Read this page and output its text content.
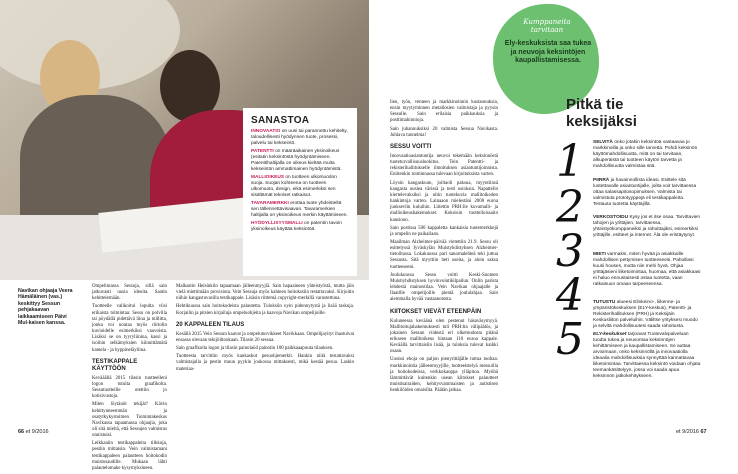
Navikan ohjaaja Veera Hämäläinen (vas.) keskittyy Sessun pehjakaavan laikkaamiseen Päivi Mul-kaisen kanssa.

Ompelimassa Sessuja, sillä sain jatkuvasti uusia ideoita. Saatin kehittelemään.

Tuotteelle valikoitui lopulta viisi erikaista tolmintaa: Sessu on polvilla tai pöydällä pidettävä liina ja millitta, jonka voi noutaa myös riirtolin kuvioidelle esimerkiksi vauvoista. Lisäksi se on tyyryliinina, kassi ja isoihin selkämyksien kiinnittämätä kamela - ja hyppineläyliina.

TESTIKAPPALE KÄYTTÖÖN

Kevääällä 2015 tilasin tuotteelleni logon tutulta graafikolta. Sessutuotteille otettiin jo kotisivustoja.

Miten löytänöt tekijät? Kävin kehittynneemmän ja osatytkykystoimen Toimintakeskus Navikassa tapaamassa ohjaajia, joka oli sitä mieltä, että Sessujen valmistus onnistuisi.

Leikkaaiin testikappaleita tilkkuja, pestiin mittaisin. Vein valmistamani testikappaleen palautteen hoitokodin muistosaudille. Mukaan lähti palautelomake kysymyksineen.

Malkastin Helsinkiin tapaamaan jälleenmyyjiä. Sain hapaaineen yhteistyöstä, mutta jäin vielä miettimään provisiota. Vein Sessuja myös kahteen hoitokotiin testattavaksi. Kirjoitin niihin kangastuvasilla testikappale. Lisäsin riittemä copyright-merkillä varustettuna.

Hehtikuussa sain hoitokodeista palautetta. Tuloksiin oyin pidennytystä ja lisää taskuja. Korjailin ja pitsien kirjailuja ompeluohjeita ja kaavoja Navikan ompelijoille.

20 KAPPALEEN TILAUS

Kesällä 2015 Vein Sessun kaavat ja ompeluturvikkeet Navikkaan. Ompelijayityt ihastuivat ensassa olevaan tekijöiltoukaan. Tilasin 20 sessua.

Sain graafikolta logon ja tilasin painolaöd painotin 100 paikkaaapuuta tilauksen.

Tuotteesta tarvittiin myös kankaskot pesuohjemerkit. Hankin niitä testattavaksi valmistajalla ja pestin muun pyykin joukossa mittaksesti, mikä kestää pesua. Laskin materiaa-

SANASTOA

INNOVAATIO on uusi tai parannettu kehitelty, taloudellisesti hyödynnen tuote, prosessi, palvelu tai kekseintö.

PATENTTI on määräaikainen yksinoikeus (esitatin keksintöstä hyödyntämiseen. Patenttihaltijalla on oikeus kieltää muita kekseintön ammattimainen hyödyntämistä.

MALLIOIKEUS on tuotteen ulkomuodon suoja. Suojan kohteena on tuotteen ulkomuoto, design, eikä esimerkiksi sen sisältämät tekniset ratkaisut.

TAVARAMERKKI erottaa tuote yhdeisteltä sen tällennettävisaavan. Tavaramerkien haltijalla on yksinoikeus merkin käyttämiseen.

HYÖDYLLISYYSMALLI on patentin tavoin yksinoikeus käyttää keksintöä.

lien, työn, venteen ja markkinoinnin kustannuksia, ensin myytyminnen metallosien valmistaja ja pyysin Sessulle. Sain erilaisia paikkauksia ja posttimahinnioja.

Sain juhannuksiksi 20 valmista Sessua Navikasta. Juhlava tunnelma!

SESSU VOITTI

Innovaatioasiantuntija neuvoi tekemään keksinnöstä tuoteturvallisuusluokitus. Tein Patentti- ja rekisterihallitukselle ilmoituksen asiantuntijoinnista. Eniitenkin toiminnassa tulevaan kirjoituksista varten.

Löysin kangaskuun, joiltaoli paksua, myyntiinsä kangasta uusiea värissä ja testi osioksia. Napattelin kiertelevaksiksi ja oitin tuotekuvia mallitoikoden hankintoja varten. Lainaaon mielestäni 2000 euroa juoksevlin kuluihin. Liitettin PRH:lle kuvamalli- ja mallioikeushakemukset. Kokoisin tuotteiloissaiin kansioon.

Sain postissa 500 kappaletta kankaisia tuotemerkkejä ja ompelin ne paikaliaan.

Maailman Alzheimer-päivää vietettiin 21.9. Sessu oli esittelyssä Iyväskylän Muistyhdistyksen Alzheimer-tietoiltassa. Lokakuussa pari sanomalehteä teki juttua Sessusta. Sitä myyttiin heti useita, ja aloin saksa tuotteeseeni.

Joulukuussa Sessu voitti Keski-Suomen Muistiyhdistyksen hyvinvointikilpailun. Onlin parista lehdestä mainostilaa. Vein Navikan ohjaajalle ja Ilaatille ompelijoille pientä joululahjaa. Sain aiemmalla hyvää vastaanotosta.

KIITOKSET VIEVÄT ETEENPÄIN

Kuluneessa keväänä olen pestenut häsaväsymyyä. Mallitoitujahakemuksesti tuli PRH:lta välipäätös, ja jokainen Sessun viidestä eri olkemudosta pitänä erikseen mallitoikeus hintaan 110 euroa kappale. Keväällä tarvittaisiin lisää, ja tuloksia tulevat kaikki osaan.

Uusissi ehoja on paljon pienyrittäjälle tuttua tuohaa: markkinointia jälleenmyyjille, tuotteeistelyä messuilla ja hoitokodeissa, verkkokauppa ylläpitoa. Myöhä lämmittävät kuitenkin usean kiitokset palautteet muistisairaiden, kehitysvammaisten ja autistisen henkilöiden omaisilta. Päätän jatkaa.

Kumppaneita tarvitaan
Ely-keskuksista saa tukea ja neuvoja keksintöjen kaupallistamisessa.
Pitkä tie
keksijäksi
1
2
3
4
5
SELVITÄ onko jotakin keksintöä vastaavaa jo markkinoilla ja onko sille tarvetta. Pohdi keksinön käyttömahdollisuutta, mitä on tai tarvitaan, alkuperäistä tai tuotteen käytön tarvetta ja mahdollisuutta valmistaa sitä.
PIIRRÄ ja havainnollista ideasi. Esittele sitä luotettavalle asiantuntijalle, joilta voit tarvittaessa ottaa salassapitosopimuksen. Valmista tai valmistuta prototyyppejä eli testikappaleita. Testauta tuotetta käyttäjillä.
VERKOSTOIDU Kysy jos et itse osaa. Tarvittavien tahojen ja yrittäjien, tarvittaessa, yhteistyökumppaneiksi ja rahoittajiksi, esimerkiksi yrittäjille, esitteet ja internet. Älä ole eristäytynyt.
MIETI varmaksi, miten hyvää ja asiakkaille mahdollisen pettymisen tuotteeseesi. Pahoillasi kuusi houses, mutta niin mehi hyvä. Ohjaa yrittäjäsieni liiketoimintaa, huomaa, että asiakkaasi ei haluo ennustaisesti ostaa tuotetta, vaan ratkaisuun omaan tarpeeseensa.
TUTUSTU alueesi Elinkeino-, liikenne- ja ympäristökeskuksen (ELY-keskus), Patentti- ja Rekisterihallituksen (PRH) ja Keksijäin Keskusliiton palveluihin. Väliltse yrityksesi muodo ja selvitä mahdollisuutesi saada rahoitusta.
ELY-keskukset tarjoavat Tuotevalvpalveluan tuodta tukea ja neuvontaa keksinnöjen kehittämiseen ja kaupallistamiseen. Se auttaa arvioimaan, onko keksinnöllä ja innovaatiolla ideaalia mahdollisuuksia synnyttää kannattavaa liiketoimintaa. Tarvittaessa keksintö voidaan ohjata teemankäsittelyyn, jossa voi saada apua keksinnön jatkokehitykseen.
66 et 9/2016	et 9/2016 67
